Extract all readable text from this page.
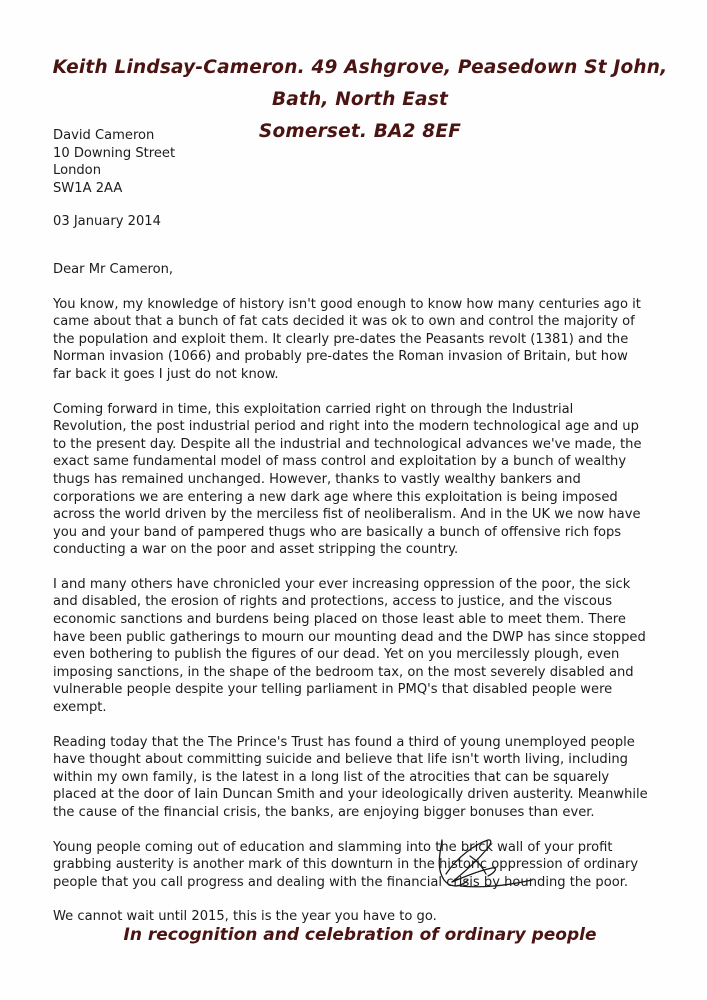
Keith Lindsay-Cameron. 49 Ashgrove, Peasedown St John, Bath, North East
Somerset. BA2 8EF
David Cameron
10 Downing Street
London
SW1A 2AA
03 January 2014
Dear Mr Cameron,

You know, my knowledge of history isn't good enough to know how many centuries ago it
came about that a bunch of fat cats decided it was ok to own and control the majority of
the population and exploit them. It clearly pre-dates the Peasants revolt (1381) and the
Norman invasion (1066) and probably pre-dates the Roman invasion of Britain, but how
far back it goes I just do not know.

Coming forward in time, this exploitation carried right on through the Industrial
Revolution, the post industrial period and right into the modern technological age and up
to the present day. Despite all the industrial and technological advances we've made, the
exact same fundamental model of mass control and exploitation by a bunch of wealthy
thugs has remained unchanged. However, thanks to vastly wealthy bankers and
corporations we are entering a new dark age where this exploitation is being imposed
across the world driven by the merciless fist of neoliberalism. And in the UK we now have
you and your band of pampered thugs who are basically a bunch of offensive rich fops
conducting a war on the poor and asset stripping the country.

I and many others have chronicled your ever increasing oppression of the poor, the sick
and disabled, the erosion of rights and protections, access to justice, and the viscous
economic sanctions and burdens being placed on those least able to meet them. There
have been public gatherings to mourn our mounting dead and the DWP has since stopped
even bothering to publish the figures of our dead. Yet on you mercilessly plough, even
imposing sanctions, in the shape of the bedroom tax, on the most severely disabled and
vulnerable people despite your telling parliament in PMQ's that disabled people were
exempt.

Reading today that the The Prince's Trust has found a third of young unemployed people
have thought about committing suicide and believe that life isn't worth living, including
within my own family, is the latest in a long list of the atrocities that can be squarely
placed at the door of Iain Duncan Smith and your ideologically driven austerity. Meanwhile
the cause of the financial crisis, the banks, are enjoying bigger bonuses than ever.

Young people coming out of education and slamming into the brick wall of your profit
grabbing austerity is another mark of this downturn in the historic oppression of ordinary
people that you call progress and dealing with the financial crisis by hounding the poor.

We cannot wait until 2015, this is the year you have to go.

In recognition and celebration of ordinary people
